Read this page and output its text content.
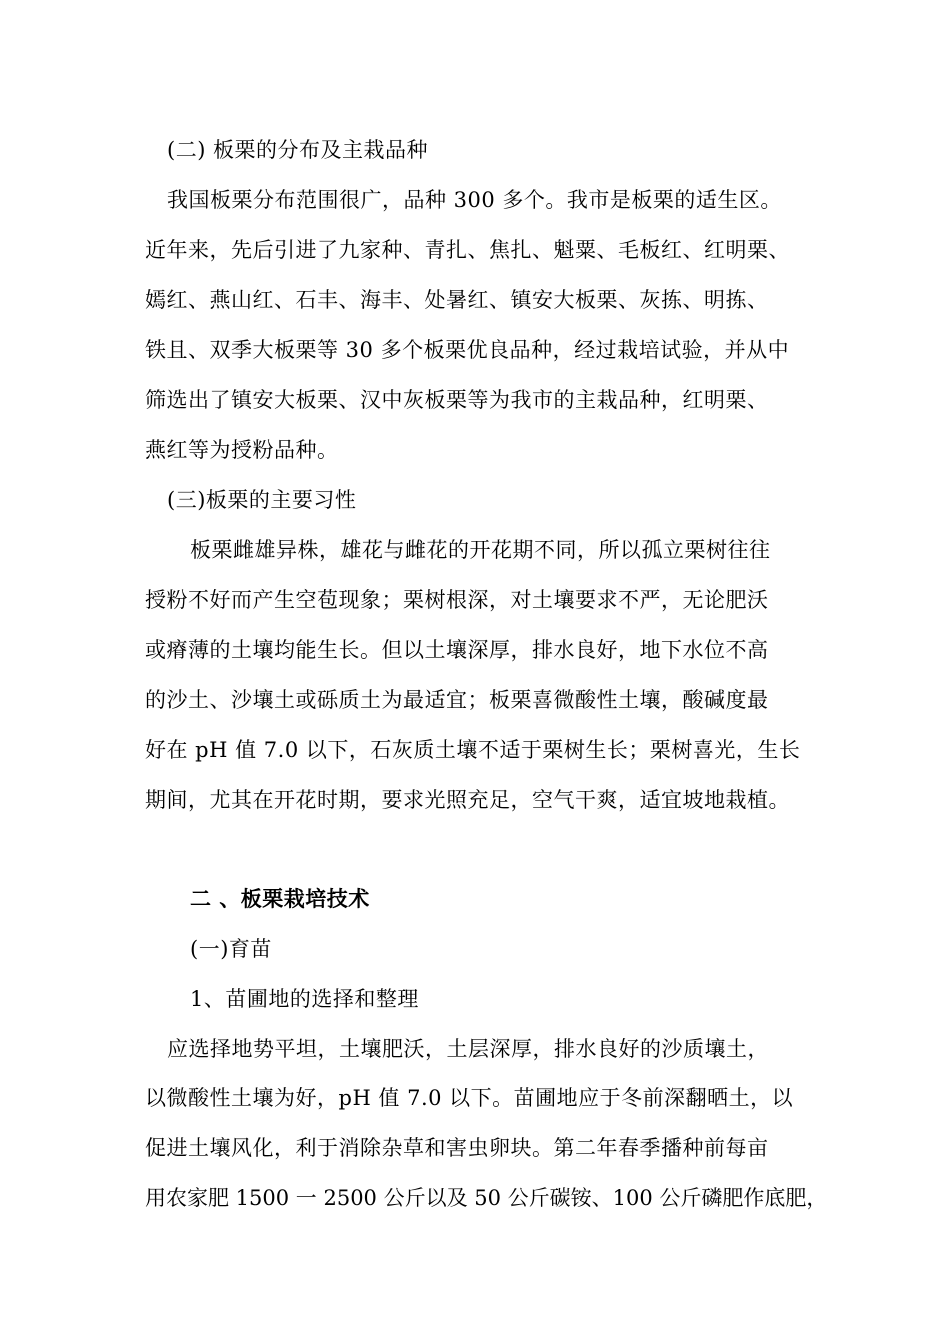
(二) 板栗的分布及主栽品种
我国板栗分布范围很广，品种 300 多个。我市是板栗的适生区。
近年来，先后引进了九家种、青扎、焦扎、魁粟、毛板红、红明栗、
嫣红、燕山红、石丰、海丰、处暑红、镇安大板栗、灰拣、明拣、
铁且、双季大板栗等 30 多个板栗优良品种，经过栽培试验，并从中
筛选出了镇安大板栗、汉中灰板栗等为我市的主栽品种，红明栗、
燕红等为授粉品种。
(三)板栗的主要习性
板栗雌雄异株，雄花与雌花的开花期不同，所以孤立栗树往往
授粉不好而产生空苞现象；栗树根深，对土壤要求不严，无论肥沃
或瘠薄的土壤均能生长。但以土壤深厚，排水良好，地下水位不高
的沙土、沙壤土或砾质土为最适宜；板栗喜微酸性土壤，酸碱度最
好在 pH 值 7.0 以下，石灰质土壤不适于栗树生长；栗树喜光，生长
期间，尤其在开花时期，要求光照充足，空气干爽，适宜坡地栽植。
二 、板栗栽培技术
(一)育苗
1、苗圃地的选择和整理
应选择地势平坦，土壤肥沃，土层深厚，排水良好的沙质壤土，
以微酸性土壤为好，pH 值 7.0 以下。苗圃地应于冬前深翻晒土，以
促进土壤风化，利于消除杂草和害虫卵块。第二年春季播种前每亩
用农家肥 1500 一 2500 公斤以及 50 公斤碳铵、100 公斤磷肥作底肥，
